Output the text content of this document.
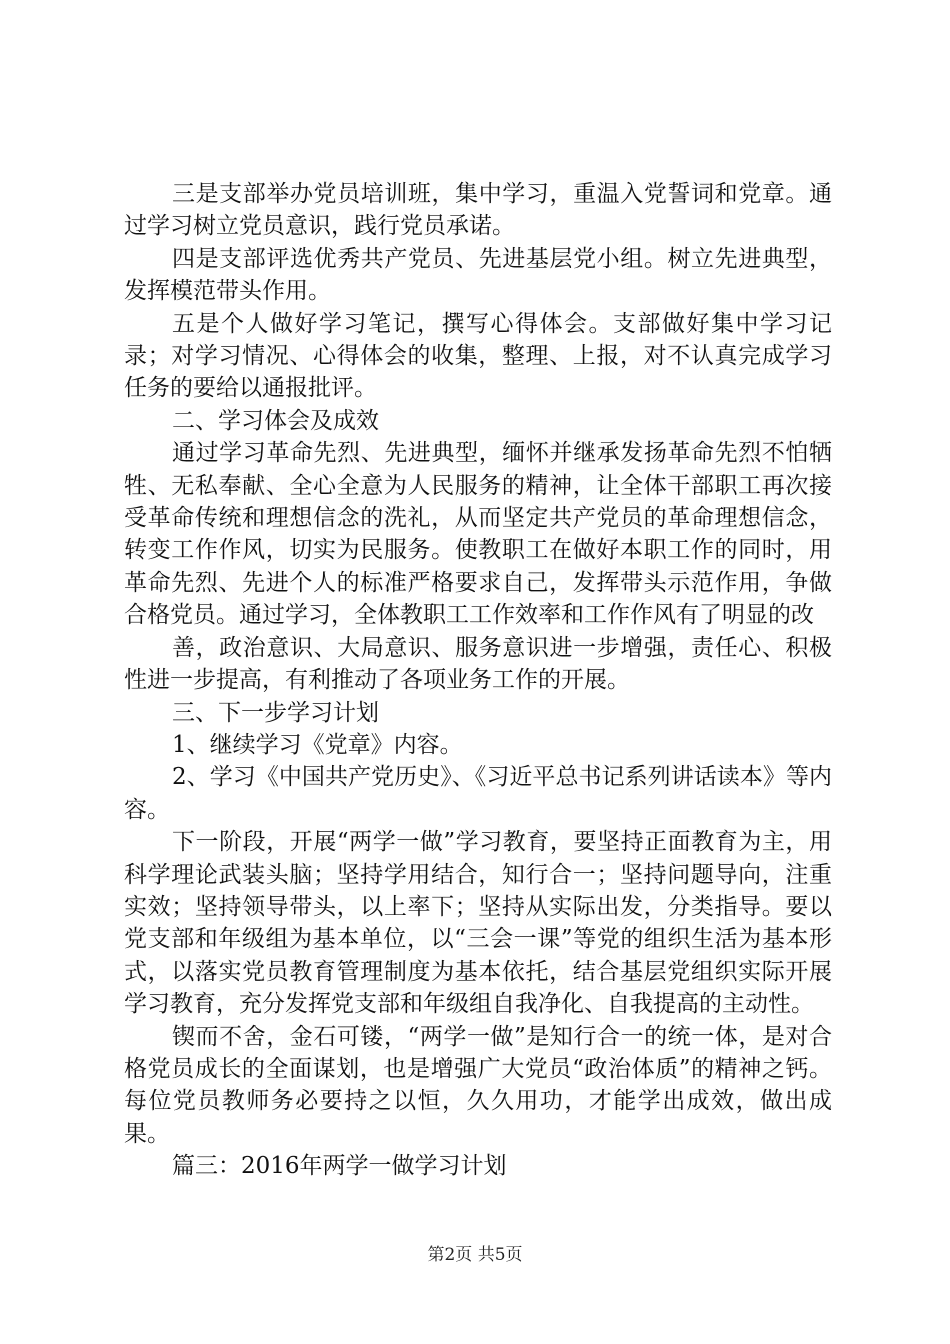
三是支部举办党员培训班，集中学习，重温入党誓词和党章。通过学习树立党员意识，践行党员承诺。

四是支部评选优秀共产党员、先进基层党小组。树立先进典型，发挥模范带头作用。

五是个人做好学习笔记，撰写心得体会。支部做好集中学习记录；对学习情况、心得体会的收集，整理、上报，对不认真完成学习任务的要给以通报批评。

二、学习体会及成效

通过学习革命先烈、先进典型，缅怀并继承发扬革命先烈不怕牺牲、无私奉献、全心全意为人民服务的精神，让全体干部职工再次接受革命传统和理想信念的洗礼，从而坚定共产党员的革命理想信念，转变工作作风，切实为民服务。使教职工在做好本职工作的同时，用革命先烈、先进个人的标准严格要求自己，发挥带头示范作用，争做合格党员。通过学习，全体教职工工作效率和工作作风有了明显的改

善，政治意识、大局意识、服务意识进一步增强，责任心、积极性进一步提高，有利推动了各项业务工作的开展。

三、下一步学习计划

1、继续学习《党章》内容。

2、学习《中国共产党历史》、《习近平总书记系列讲话读本》等内容。

下一阶段，开展“两学一做”学习教育，要坚持正面教育为主，用科学理论武装头脑；坚持学用结合，知行合一；坚持问题导向，注重实效；坚持领导带头，以上率下；坚持从实际出发，分类指导。要以党支部和年级组为基本单位，以“三会一课”等党的组织生活为基本形式，以落实党员教育管理制度为基本依托，结合基层党组织实际开展学习教育，充分发挥党支部和年级组自我净化、自我提高的主动性。

锲而不舍，金石可镂，“两学一做”是知行合一的统一体，是对合格党员成长的全面谋划，也是增强广大党员“政治体质”的精神之钙。每位党员教师务必要持之以恒，久久用功，才能学出成效，做出成果。

篇三：2016年两学一做学习计划

第2页 共5页
